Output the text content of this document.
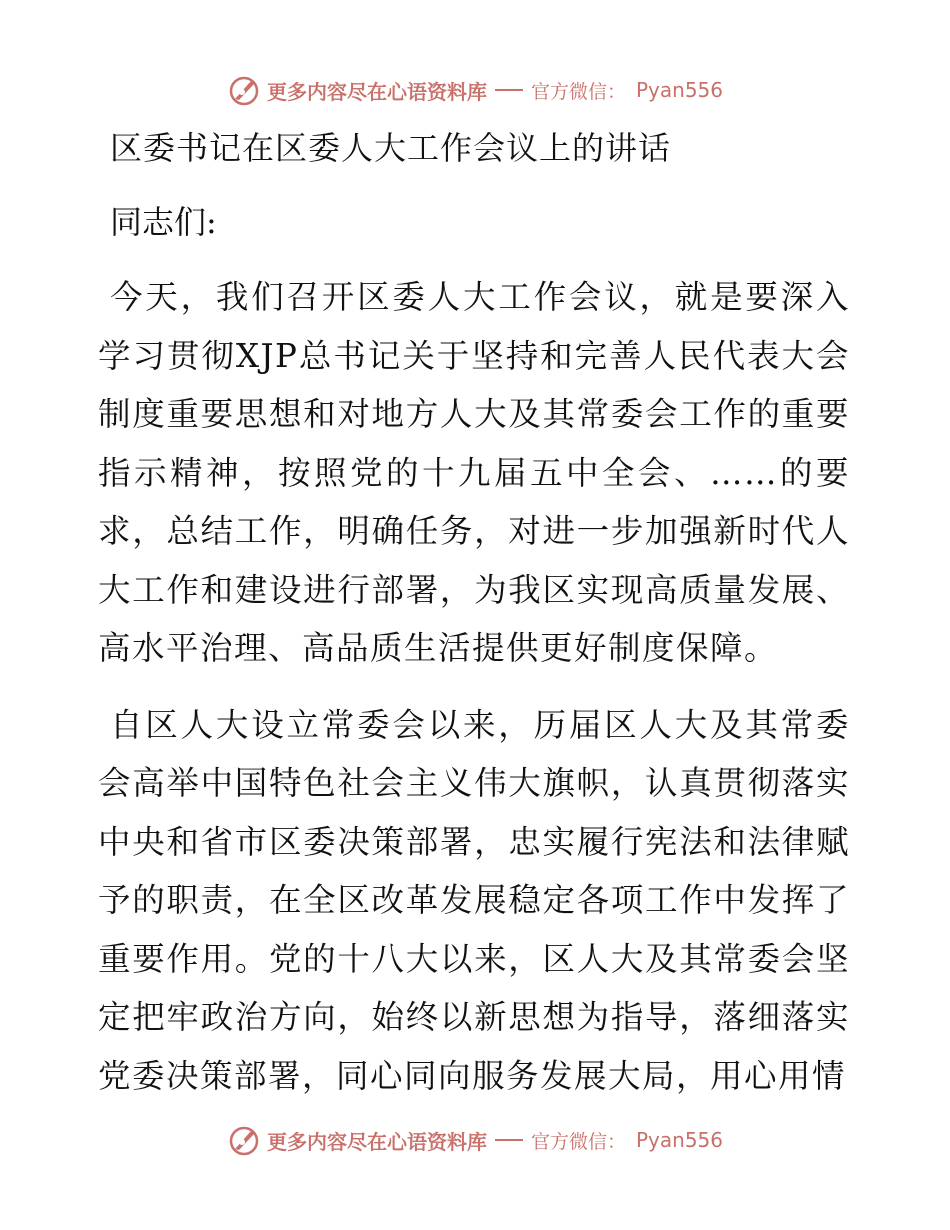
更多内容尽在心语资料库 官方微信： Pyan556
区委书记在区委人大工作会议上的讲话

同志们:

今天，我们召开区委人大工作会议，就是要深入学习贯彻XJP总书记关于坚持和完善人民代表大会制度重要思想和对地方人大及其常委会工作的重要指示精神，按照党的十九届五中全会、……的要求，总结工作，明确任务，对进一步加强新时代人大工作和建设进行部署，为我区实现高质量发展、高水平治理、高品质生活提供更好制度保障。

自区人大设立常委会以来，历届区人大及其常委会高举中国特色社会主义伟大旗帜，认真贯彻落实中央和省市区委决策部署，忠实履行宪法和法律赋予的职责，在全区改革发展稳定各项工作中发挥了重要作用。党的十八大以来，区人大及其常委会坚定把牢政治方向，始终以新思想为指导，落细落实党委决策部署，同心同向服务发展大局，用心用情

更多内容尽在心语资料库 官方微信： Pyan556
